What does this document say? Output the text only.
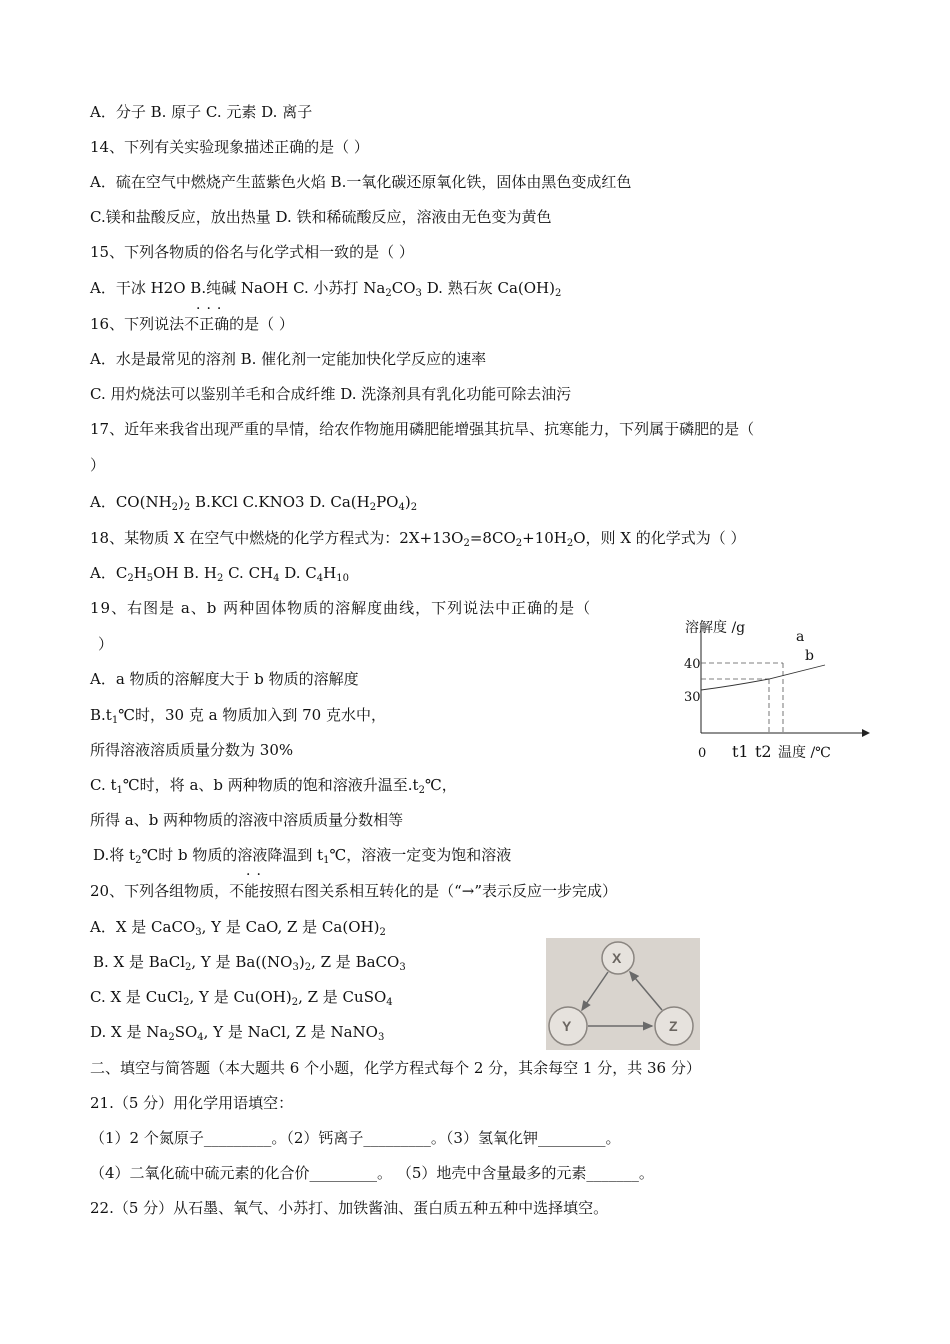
A．分子 B. 原子 C. 元素 D. 离子
14、下列有关实验现象描述正确的是（ ）
A．硫在空气中燃烧产生蓝紫色火焰 B.一氧化碳还原氧化铁，固体由黑色变成红色
C.镁和盐酸反应，放出热量 D. 铁和稀硫酸反应，溶液由无色变为黄色
15、下列各物质的俗名与化学式相一致的是（ ）
A．干冰 H2O B.纯碱 NaOH C. 小苏打 $Na_2CO_3$ D. 熟石灰 $Ca(OH)_2$
···
16、下列说法不正确的是（ ）
A．水是最常见的溶剂 B. 催化剂一定能加快化学反应的速率
C. 用灼烧法可以鉴别羊毛和合成纤维 D. 洗涤剂具有乳化功能可除去油污
17、近年来我省出现严重的旱情，给农作物施用磷肥能增强其抗旱、抗寒能力，下列属于磷肥的是（
）
A．$CO(NH_2)_2$ B.KCl C.KNO3 D. $Ca(H_2PO_4)_2$
18、某物质 X 在空气中燃烧的化学方程式为：$2X+13O_2=8CO_2+10H_2O$，则 X 的化学式为（ ）
A．$C_2H_5OH$ B. $H_2$ C. $CH_4$ D. $C_4H_{10}$
19、右图是 a、b 两种固体物质的溶解度曲线，下列说法中正确的是（
）
A．a 物质的溶解度大于 b 物质的溶解度
$B.t_1℃$时，30 克 a 物质加入到 70 克水中，
所得溶液溶质质量分数为 30%
C. $t_1℃$时，将 a、b 两种物质的饱和溶液升温至$.t_2℃$，
所得 a、b 两种物质的溶液中溶质质量分数相等
D.将 $t_2℃$时 b 物质的溶液降温到 $t_1℃$，溶液一定变为饱和溶液
溶解度 /g
40
30
0 t1 t2 温度 /℃
a
b
··
20、下列各组物质，不能按照右图关系相互转化的是（“→”表示反应一步完成）
A．X 是 CaCO$_3$, Y 是 CaO, Z 是 $Ca(OH)_2$
B. X 是 BaCl$_2$, Y 是 $Ba((NO_3)_2$, Z 是 BaCO$_3$
C. X 是 CuCl$_2$, Y 是 $Cu(OH)_2$, Z 是 CuSO$_4$
D. X 是 $Na_2SO_4$, Y 是 NaCl, Z 是 NaNO$_3$
X
Y	Z
二、填空与简答题（本大题共 6 个小题，化学方程式每个 2 分，其余每空 1 分，共 36 分）
21.（5 分）用化学用语填空：
（1）2 个氮原子_________。（2）钙离子_________。（3）氢氧化钾_________。
（4）二氧化硫中硫元素的化合价_________。 （5）地壳中含量最多的元素_______。
22.（5 分）从石墨、氧气、小苏打、加铁酱油、蛋白质五种五种中选择填空。
